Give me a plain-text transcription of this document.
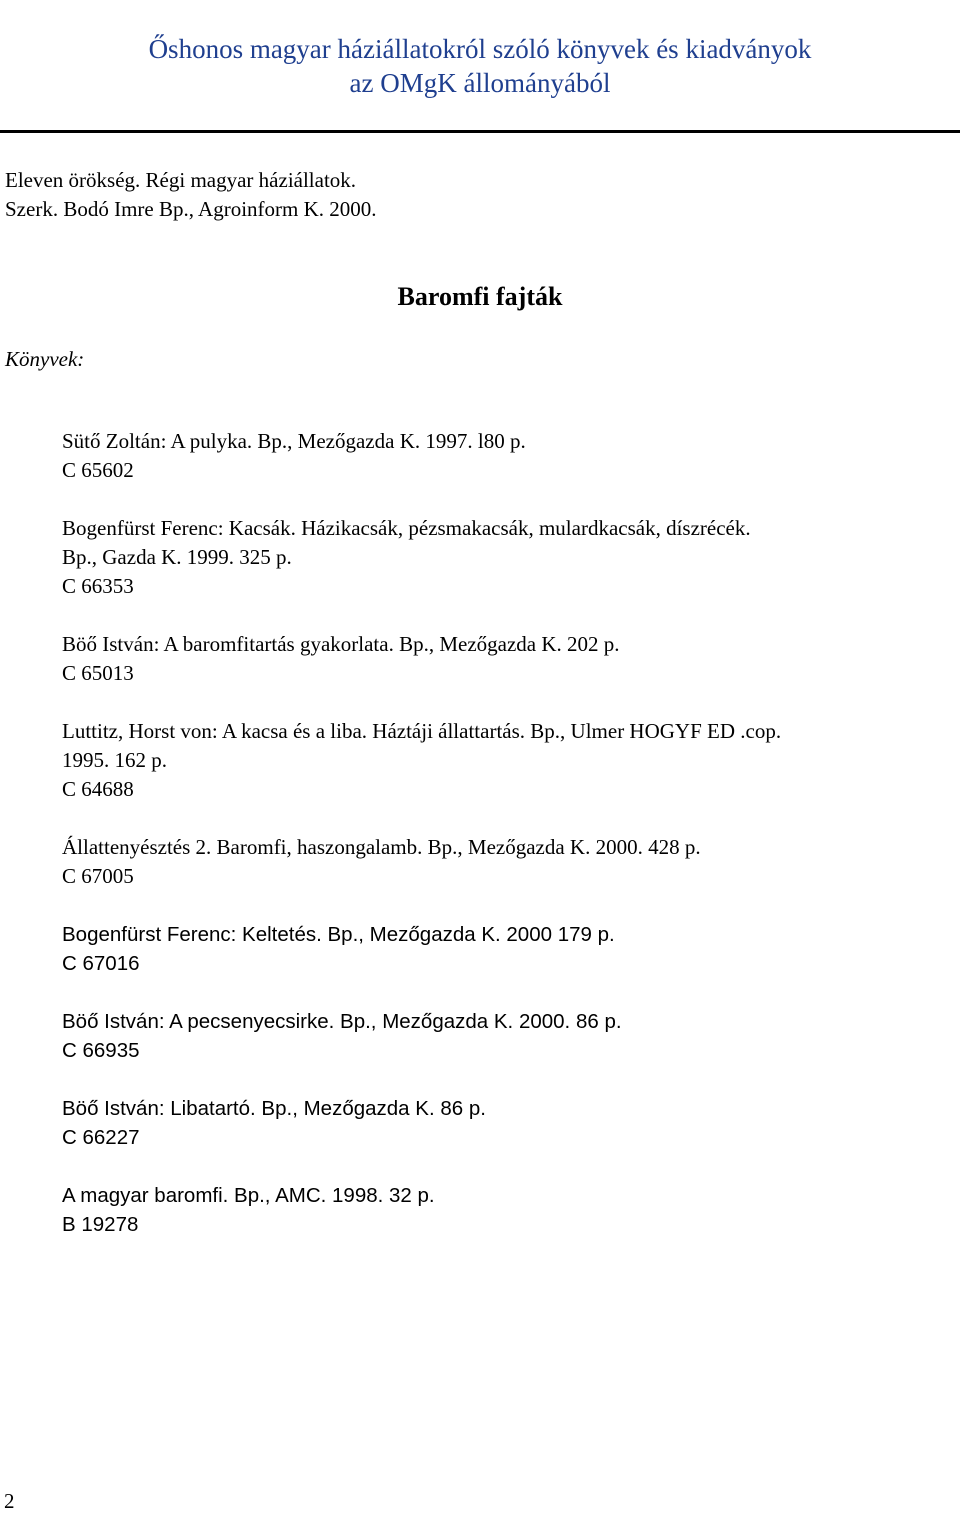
Őshonos magyar háziállatokról szóló könyvek és kiadványok
az OMgK állományából
Eleven örökség. Régi magyar háziállatok.
Szerk. Bodó Imre Bp., Agroinform K. 2000.
Baromfi fajták
Könyvek:
Sütő Zoltán: A pulyka. Bp., Mezőgazda K. 1997. l80 p.
C 65602
Bogenfürst Ferenc: Kacsák. Házikacsák, pézsmakacsák, mulardkacsák, díszrécék.
Bp., Gazda K. 1999. 325 p.
C 66353
Böő István: A baromfitartás gyakorlata. Bp., Mezőgazda K. 202 p.
C 65013
Luttitz, Horst von: A kacsa és a liba. Háztáji állattartás. Bp., Ulmer HOGYF ED .cop.
1995. 162 p.
C 64688
Állattenyésztés 2. Baromfi, haszongalamb. Bp., Mezőgazda K. 2000. 428 p.
C 67005
Bogenfürst Ferenc: Keltetés. Bp., Mezőgazda K. 2000 179 p.
C 67016
Böő István: A pecsenyecsirke. Bp., Mezőgazda K. 2000. 86 p.
C 66935
Böő István: Libatartó. Bp., Mezőgazda K. 86 p.
C 66227
A magyar baromfi. Bp., AMC. 1998. 32 p.
B 19278
2
